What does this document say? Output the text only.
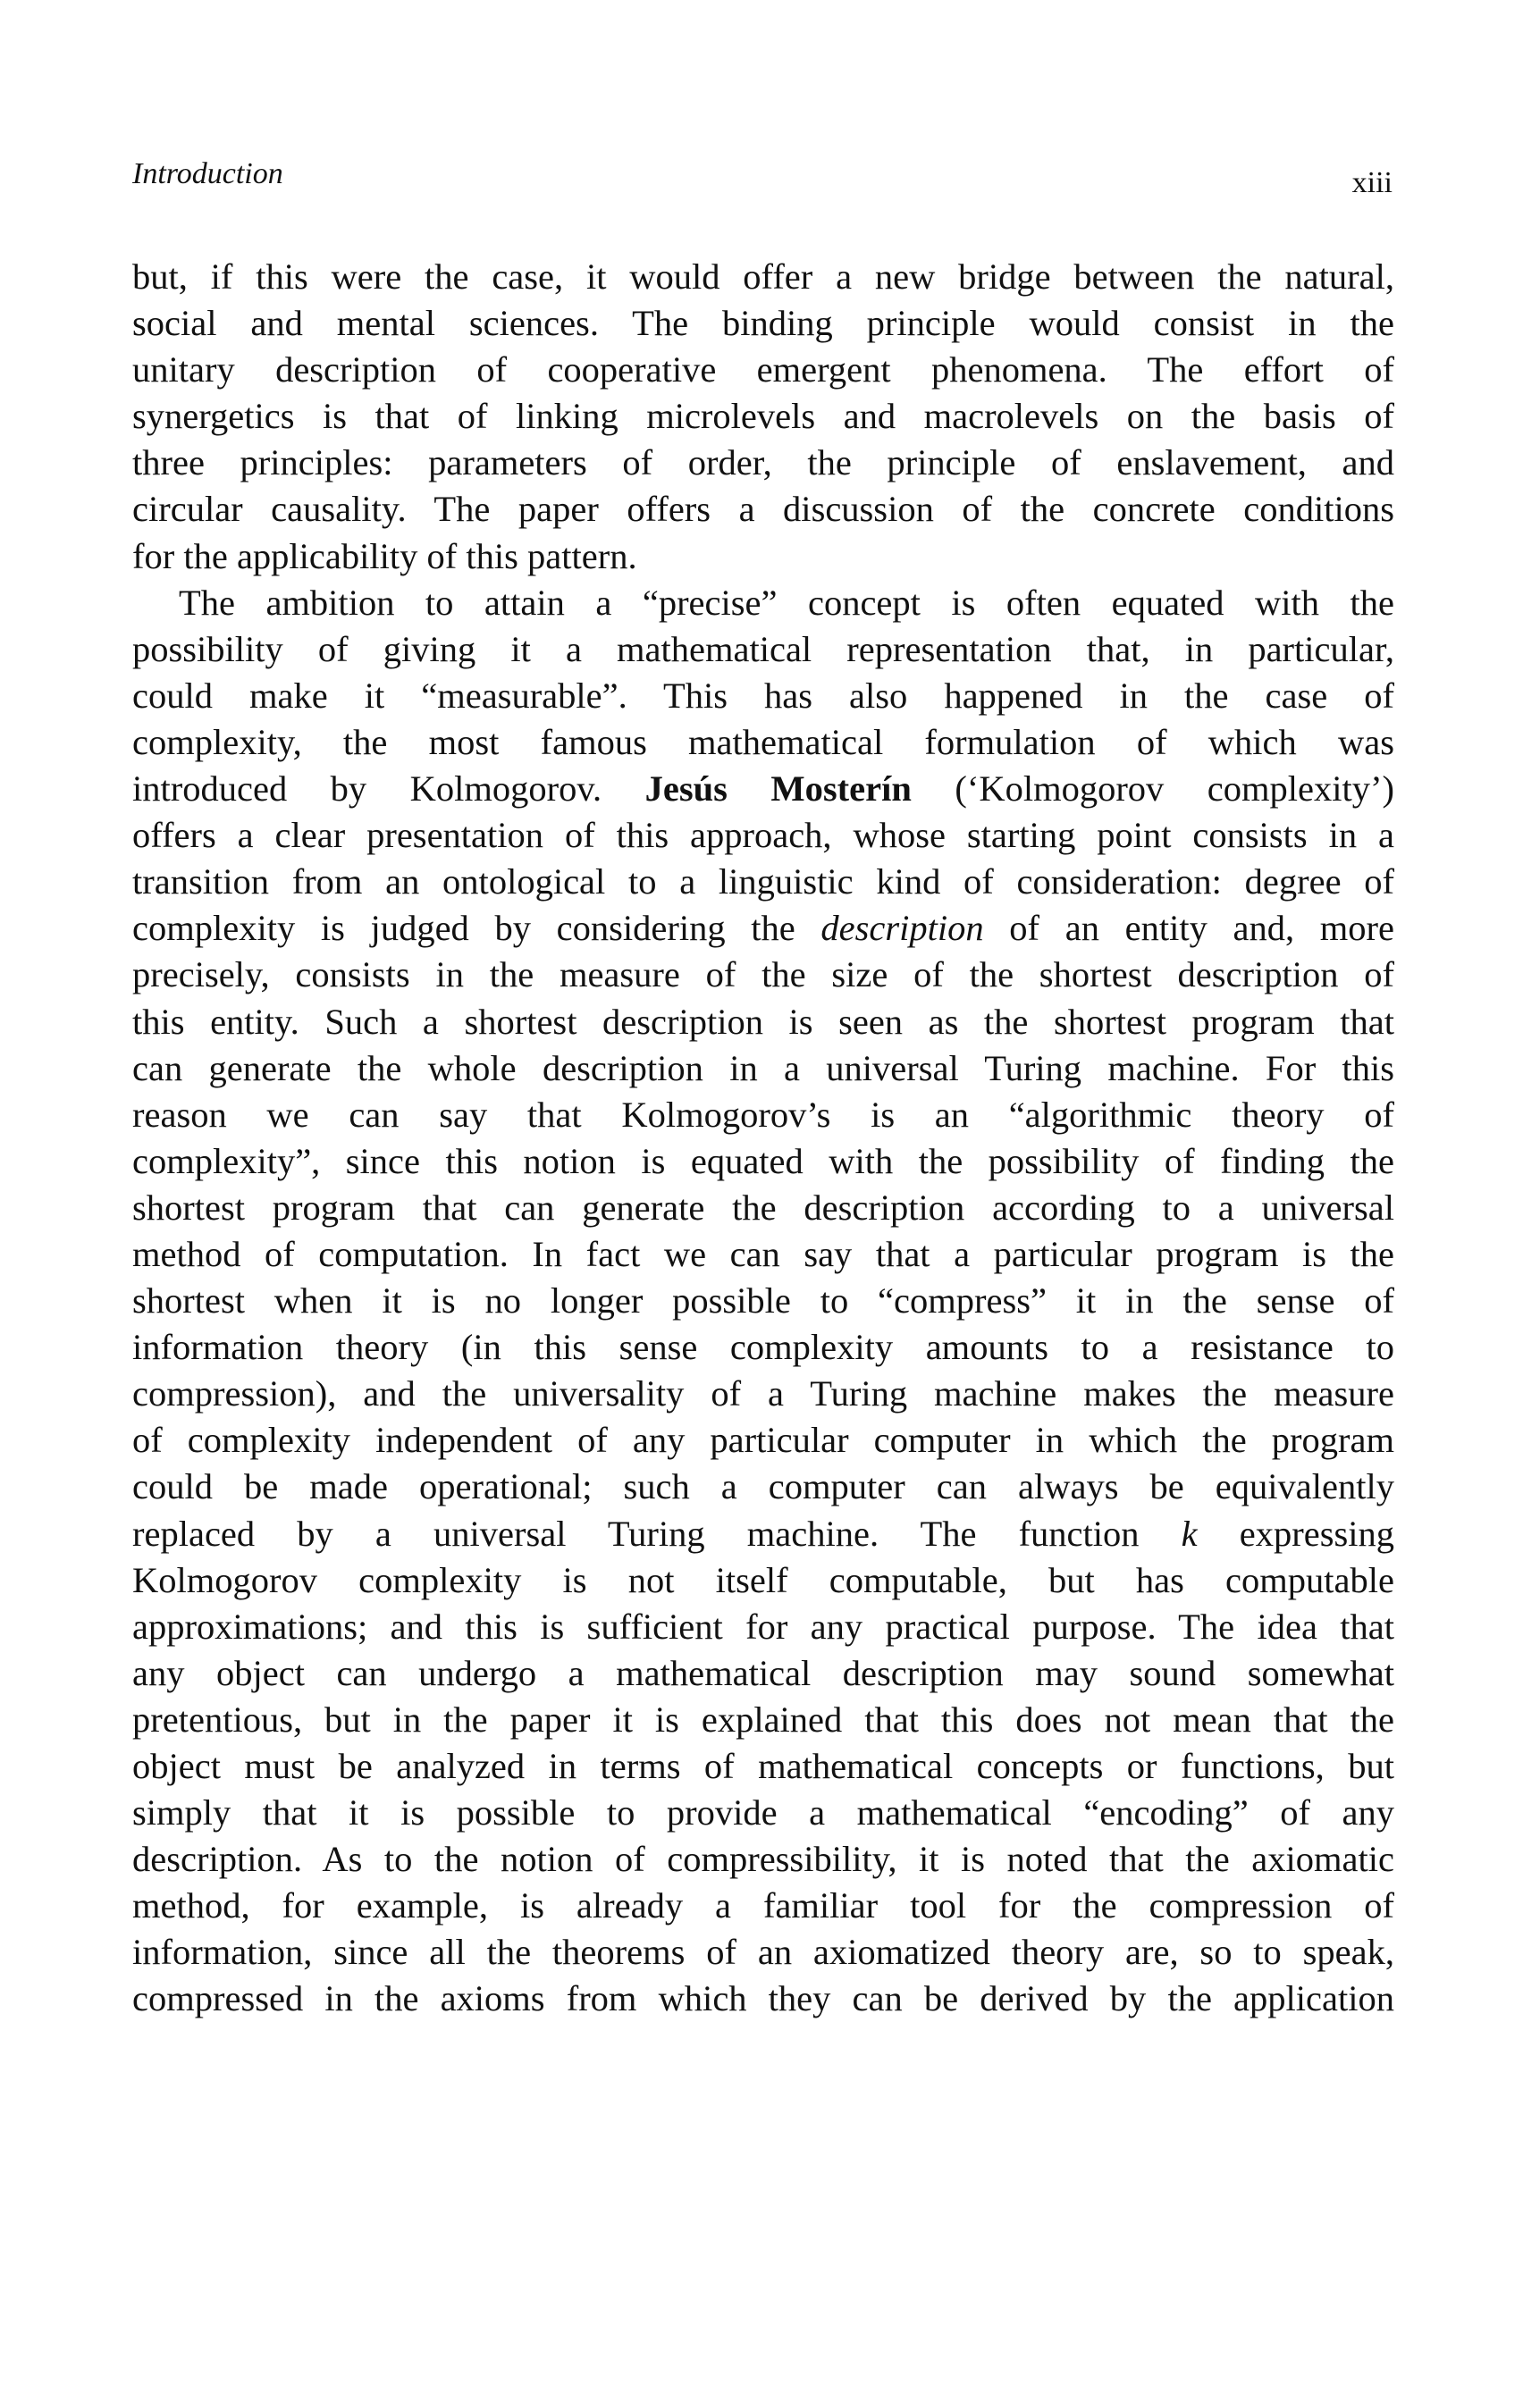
Introduction	xiii
but, if this were the case, it would offer a new bridge between the natural,
social and mental sciences. The binding principle would consist in the
unitary description of cooperative emergent phenomena. The effort of
synergetics is that of linking microlevels and macrolevels on the basis of
three principles: parameters of order, the principle of enslavement, and
circular causality. The paper offers a discussion of the concrete conditions
for the applicability of this pattern.
The ambition to attain a “precise” concept is often equated with the
possibility of giving it a mathematical representation that, in particular,
could make it “measurable”. This has also happened in the case of
complexity, the most famous mathematical formulation of which was
introduced by Kolmogorov. Jesús Mosterín (‘Kolmogorov complexity’)
offers a clear presentation of this approach, whose starting point consists in a
transition from an ontological to a linguistic kind of consideration: degree of
complexity is judged by considering the description of an entity and, more
precisely, consists in the measure of the size of the shortest description of
this entity. Such a shortest description is seen as the shortest program that
can generate the whole description in a universal Turing machine. For this
reason we can say that Kolmogorov’s is an “algorithmic theory of
complexity”, since this notion is equated with the possibility of finding the
shortest program that can generate the description according to a universal
method of computation. In fact we can say that a particular program is the
shortest when it is no longer possible to “compress” it in the sense of
information theory (in this sense complexity amounts to a resistance to
compression), and the universality of a Turing machine makes the measure
of complexity independent of any particular computer in which the program
could be made operational; such a computer can always be equivalently
replaced by a universal Turing machine. The function k expressing
Kolmogorov complexity is not itself computable, but has computable
approximations; and this is sufficient for any practical purpose. The idea that
any object can undergo a mathematical description may sound somewhat
pretentious, but in the paper it is explained that this does not mean that the
object must be analyzed in terms of mathematical concepts or functions, but
simply that it is possible to provide a mathematical “encoding” of any
description. As to the notion of compressibility, it is noted that the axiomatic
method, for example, is already a familiar tool for the compression of
information, since all the theorems of an axiomatized theory are, so to speak,
compressed in the axioms from which they can be derived by the application
